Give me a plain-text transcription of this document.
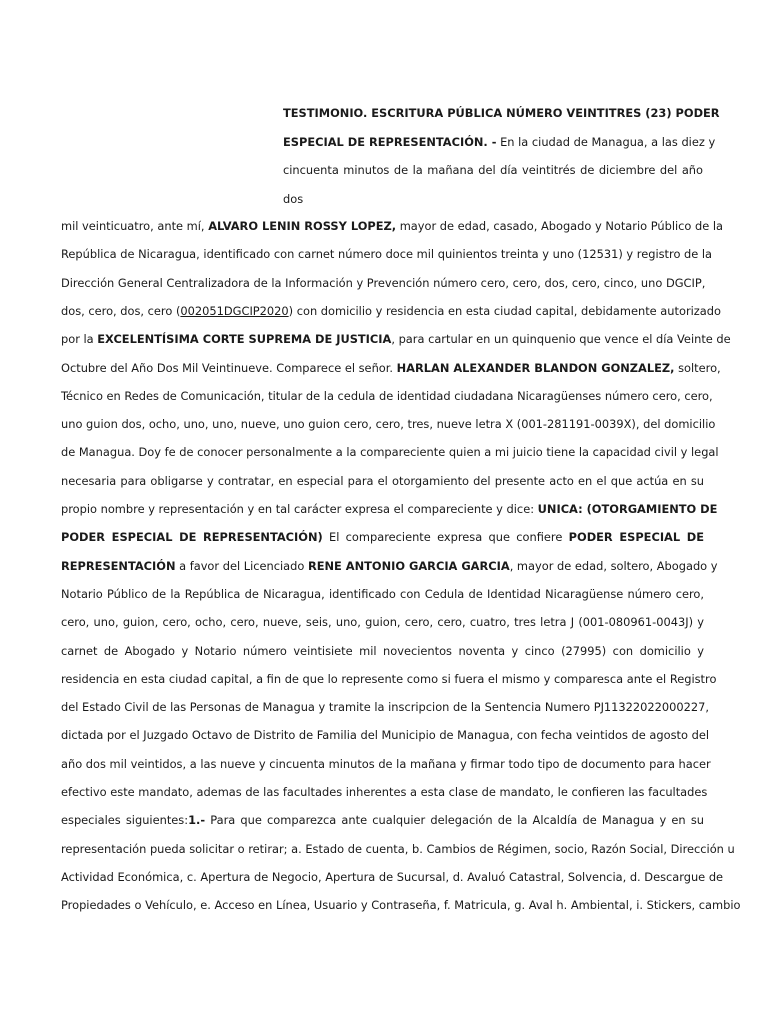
TESTIMONIO. ESCRITURA PÚBLICA NÚMERO VEINTITRES (23) PODER
ESPECIAL DE REPRESENTACIÓN. - En la ciudad de Managua, a las diez y
cincuenta minutos de la mañana del día veintitrés de diciembre del año
dos
mil veinticuatro, ante mí, ALVARO LENIN ROSSY LOPEZ, mayor de edad, casado, Abogado y Notario Público de la
República de Nicaragua, identificado con carnet número doce mil quinientos treinta y uno (12531) y registro de la
Dirección General Centralizadora de la Información y Prevención número cero, cero, dos, cero, cinco, uno DGCIP,
dos, cero, dos, cero (002051DGCIP2020) con domicilio y residencia en esta ciudad capital, debidamente autorizado
por la EXCELENTÍSIMA CORTE SUPREMA DE JUSTICIA, para cartular en un quinquenio que vence el día Veinte de
Octubre del Año Dos Mil Veintinueve. Comparece el señor. HARLAN ALEXANDER BLANDON GONZALEZ, soltero,
Técnico en Redes de Comunicación, titular de la cedula de identidad ciudadana Nicaragüenses número cero, cero,
uno guion dos, ocho, uno, uno, nueve, uno guion cero, cero, tres, nueve letra X (001-281191-0039X), del domicilio
de Managua. Doy fe de conocer personalmente a la compareciente quien a mi juicio tiene la capacidad civil y legal
necesaria para obligarse y contratar, en especial para el otorgamiento del presente acto en el que actúa en su
propio nombre y representación y en tal carácter expresa el compareciente y dice: UNICA: (OTORGAMIENTO DE
PODER ESPECIAL DE REPRESENTACIÓN) El compareciente expresa que confiere PODER ESPECIAL DE
REPRESENTACIÓN a favor del Licenciado RENE ANTONIO GARCIA GARCIA, mayor de edad, soltero, Abogado y
Notario Público de la República de Nicaragua, identificado con Cedula de Identidad Nicaragüense número cero,
cero, uno, guion, cero, ocho, cero, nueve, seis, uno, guion, cero, cero, cuatro, tres letra J (001-080961-0043J) y
carnet de Abogado y Notario número veintisiete mil novecientos noventa y cinco (27995) con domicilio y
residencia en esta ciudad capital, a fin de que lo represente como si fuera el mismo y comparesca ante el Registro
del Estado Civil de las Personas de Managua y tramite la inscripcion de la Sentencia Numero PJ11322022000227,
dictada por el Juzgado Octavo de Distrito de Familia del Municipio de Managua, con fecha veintidos de agosto del
año dos mil veintidos, a las nueve y cincuenta minutos de la mañana y firmar todo tipo de documento para hacer
efectivo este mandato, ademas de las facultades inherentes a esta clase de mandato, le confieren las facultades
especiales siguientes:1.- Para que comparezca ante cualquier delegación de la Alcaldía de Managua y en su
representación pueda solicitar o retirar; a. Estado de cuenta, b. Cambios de Régimen, socio, Razón Social, Dirección u
Actividad Económica, c. Apertura de Negocio, Apertura de Sucursal, d. Avaluó Catastral, Solvencia, d. Descargue de
Propiedades o Vehículo, e. Acceso en Línea, Usuario y Contraseña, f. Matricula, g. Aval h. Ambiental, i. Stickers, cambio
